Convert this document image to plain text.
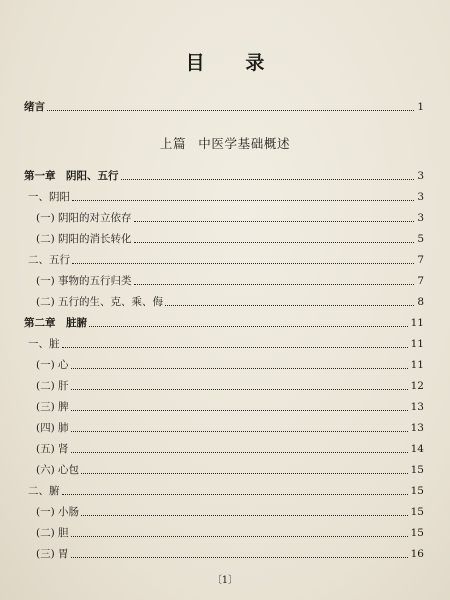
目 录
绪言	1
上篇 中医学基础概述
第一章　阴阳、五行	3
一、阴阳	3
(一) 阴阳的对立依存	3
(二) 阴阳的消长转化	5
二、五行	7
(一) 事物的五行归类	7
(二) 五行的生、克、乘、侮	8
第二章　脏腑	11
一、脏	11
(一) 心	11
(二) 肝	12
(三) 脾	13
(四) 肺	13
(五) 肾	14
(六) 心包	15
二、腑	15
(一) 小肠	15
(二) 胆	15
(三) 胃	16
〔1〕
